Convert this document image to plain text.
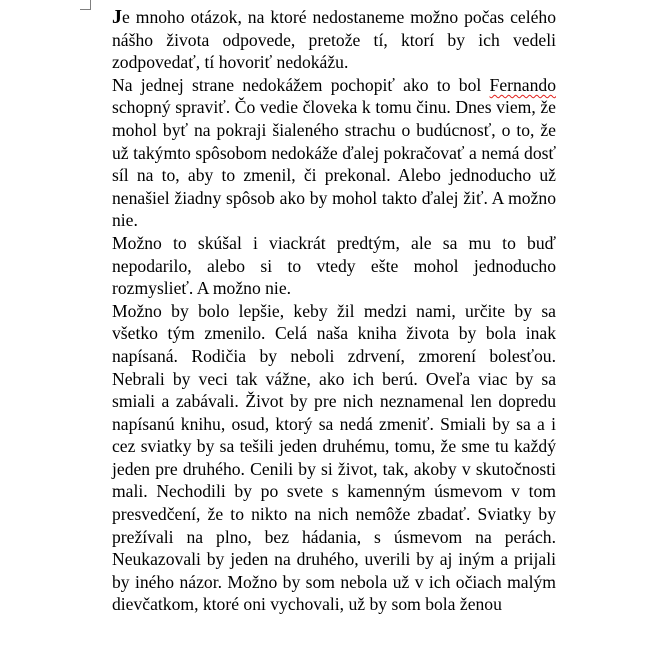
Je mnoho otázok, na ktoré nedostaneme možno počas celého nášho života odpovede, pretože tí, ktorí by ich vedeli zodpovedať, tí hovoriť nedokážu.

Na jednej strane nedokážem pochopiť ako to bol Fernando schopný spraviť. Čo vedie človeka k tomu činu. Dnes viem, že mohol byť na pokraji šialeného strachu o budúcnosť, o to, že už takýmto spôsobom nedokáže ďalej pokračovať a nemá dosť síl na to, aby to zmenil, či prekonal. Alebo jednoducho už nenašiel žiadny spôsob ako by mohol takto ďalej žiť. A možno nie.

Možno to skúšal i viackrát predtým, ale sa mu to buď nepodarilo, alebo si to vtedy ešte mohol jednoducho rozmyslieť. A možno nie.

Možno by bolo lepšie, keby žil medzi nami, určite by sa všetko tým zmenilo. Celá naša kniha života by bola inak napísaná. Rodičia by neboli zdrvení, zmorení bolesťou. Nebrali by veci tak vážne, ako ich berú. Oveľa viac by sa smiali a zabávali. Život by pre nich neznamenal len dopredu napísanú knihu, osud, ktorý sa nedá zmeniť. Smiali by sa a i cez sviatky by sa tešili jeden druhému, tomu, že sme tu každý jeden pre druhého. Cenili by si život, tak, akoby v skutočnosti mali. Nechodili by po svete s kamenným úsmevom v tom presvedčení, že to nikto na nich nemôže zbadať. Sviatky by prežívali na plno, bez hádania, s úsmevom na perách. Neukazovali by jeden na druhého, uverili by aj iným a prijali by iného názor. Možno by som nebola už v ich očiach malým dievčatkom, ktoré oni vychovali, už by som bola ženou
